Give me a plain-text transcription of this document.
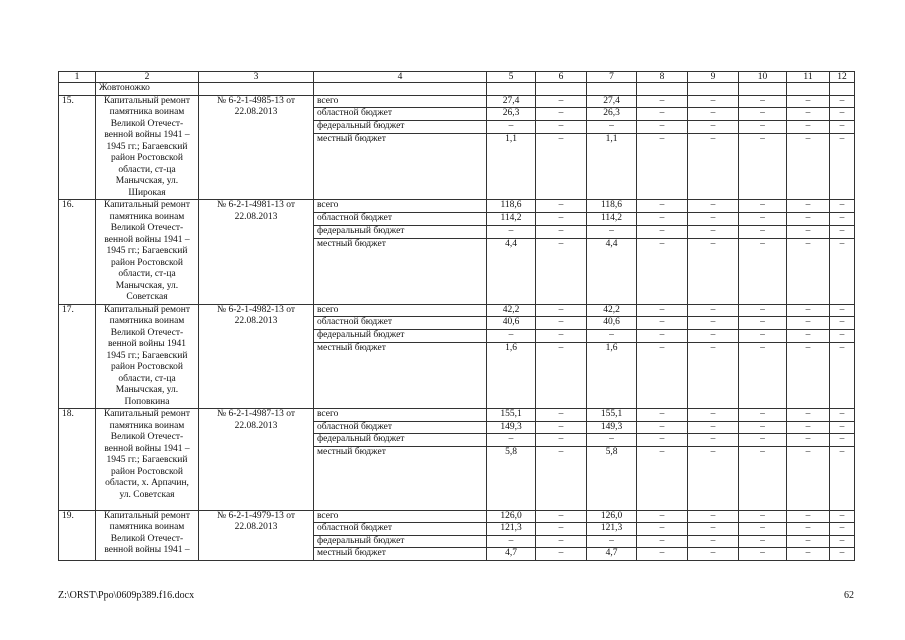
1	2	3	4	5	6	7	8	9	10	11	12
	Жовтоножко										
15.	Капитальный ремонт памятника воинам Великой Отечест-венной войны 1941 – 1945 гг.; Багаевский район Ростовской области, ст-ца Манычская, ул. Широкая	№ 6-2-1-4985-13 от 22.08.2013	всего	27,4	–	27,4	–	–	–	–	–
			областной бюджет	26,3	–	26,3	–	–	–	–	–
			федеральный бюджет	–	–	–	–	–	–	–	–
			местный бюджет	1,1	–	1,1	–	–	–	–	–
16.	Капитальный ремонт памятника воинам Великой Отечест-венной войны 1941 – 1945 гг.; Багаевский район Ростовской области, ст-ца Манычская, ул. Советская	№ 6-2-1-4981-13 от 22.08.2013	всего	118,6	–	118,6	–	–	–	–	–
			областной бюджет	114,2	–	114,2	–	–	–	–	–
			федеральный бюджет	–	–	–	–	–	–	–	–
			местный бюджет	4,4	–	4,4	–	–	–	–	–
17.	Капитальный ремонт памятника воинам Великой Отечест-венной войны 1941 1945 гг.; Багаевский район Ростовской области, ст-ца Манычская, ул. Поповкина	№ 6-2-1-4982-13 от 22.08.2013	всего	42,2	–	42,2	–	–	–	–	–
			областной бюджет	40,6	–	40,6	–	–	–	–	–
			федеральный бюджет	–	–	–	–	–	–	–	–
			местный бюджет	1,6	–	1,6	–	–	–	–	–
18.	Капитальный ремонт памятника воинам Великой Отечест-венной войны 1941 – 1945 гг.; Багаевский район Ростовской области, х. Арпачин, ул. Советская	№ 6-2-1-4987-13 от 22.08.2013	всего	155,1	–	155,1	–	–	–	–	–
			областной бюджет	149,3	–	149,3	–	–	–	–	–
			федеральный бюджет	–	–	–	–	–	–	–	–
			местный бюджет	5,8	–	5,8	–	–	–	–	–
19.	Капитальный ремонт памятника воинам Великой Отечест-венной войны 1941 –	№ 6-2-1-4979-13 от 22.08.2013	всего	126,0	–	126,0	–	–	–	–	–
			областной бюджет	121,3	–	121,3	–	–	–	–	–
			федеральный бюджет	–	–	–	–	–	–	–	–
			местный бюджет	4,7	–	4,7	–	–	–	–	–
Z:\ORST\Ppo\0609p389.f16.docx	62
